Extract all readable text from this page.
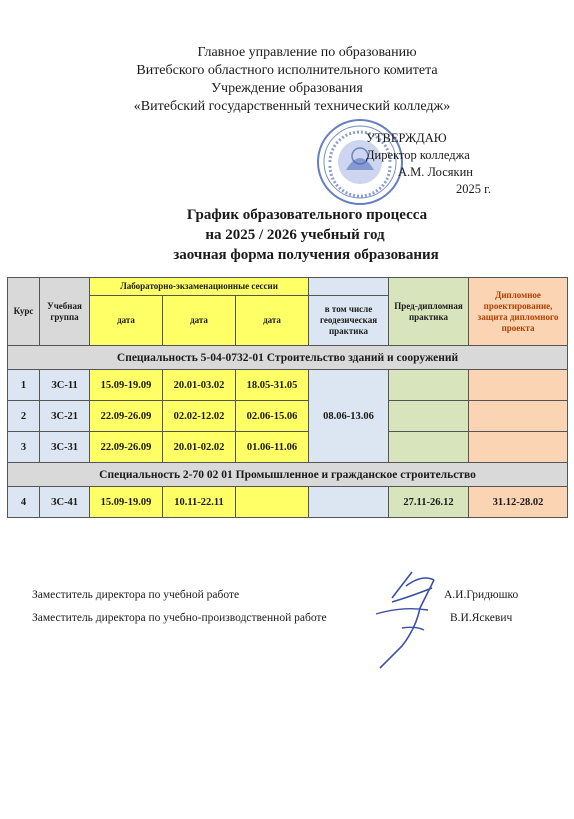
Главное управление по образованию
Витебского областного исполнительного комитета
Учреждение образования
«Витебский государственный технический колледж»
УТВЕРЖДАЮ
Директор колледжа
А.М. Лосякин
2025 г.
График образовательного процесса
на 2025 / 2026 учебный год
заочная форма получения образования
Курс	Учебная группа	Лабораторно-экзаменационные сессии				Пред-дипломная практика	Дипломное проектирование, защита дипломного проекта
		дата	дата	дата	в том числе геодезическая практика		
Специальность 5-04-0732-01 Строительство зданий и сооружений							
1	ЗС-11	15.09-19.09	20.01-03.02	18.05-31.05	08.06-13.06		
2	ЗС-21	22.09-26.09	02.02-12.02	02.06-15.06			
3	ЗС-31	22.09-26.09	20.01-02.02	01.06-11.06			
Специальность 2-70 02 01 Промышленное и гражданское строительство							
4	ЗС-41	15.09-19.09	10.11-22.11			27.11-26.12	31.12-28.02
Заместитель директора по учебной работе	А.И.Гридюшко
Заместитель директора по учебно-производственной работе	В.И.Яскевич
